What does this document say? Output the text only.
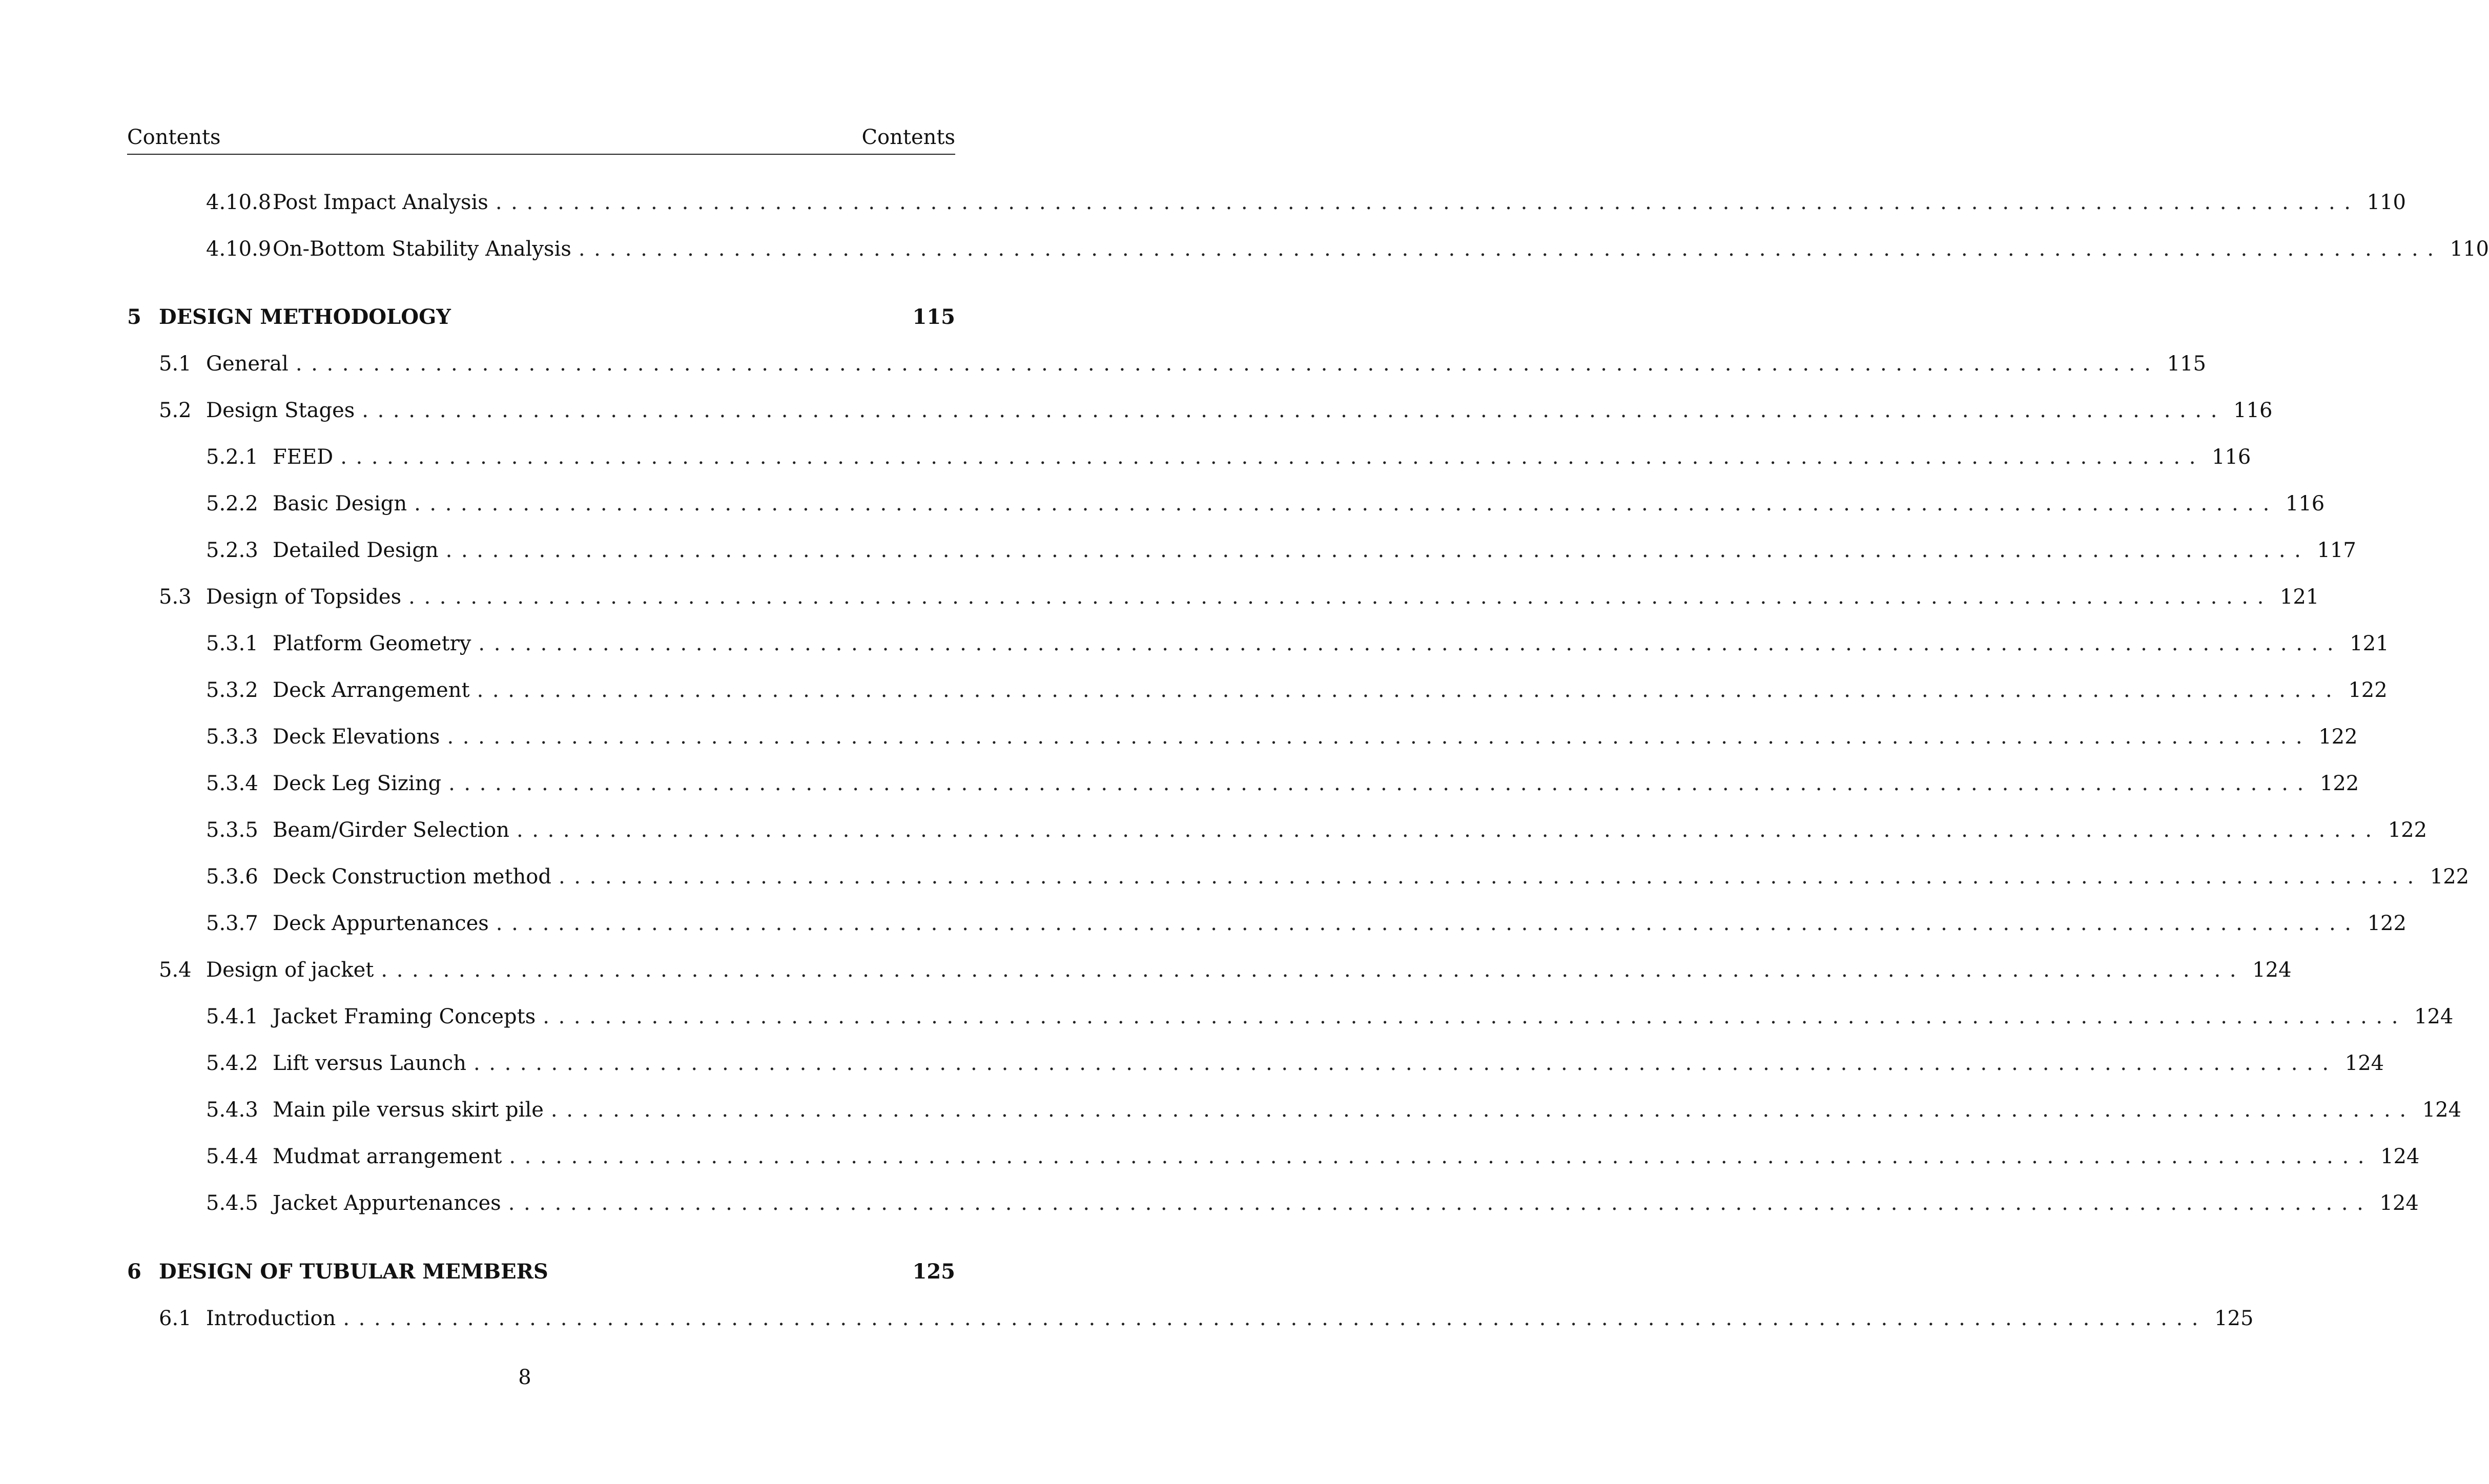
Contents	Contents
4.10.8 Post Impact Analysis ........................................................................................................................ 110
4.10.9 On-Bottom Stability Analysis ........................................................................................................................ 110
5 DESIGN METHODOLOGY	115
5.1 General ........................................................................................................................ 115
5.2 Design Stages ........................................................................................................................ 116
5.2.1 FEED ........................................................................................................................ 116
5.2.2 Basic Design ........................................................................................................................ 116
5.2.3 Detailed Design ........................................................................................................................ 117
5.3 Design of Topsides ........................................................................................................................ 121
5.3.1 Platform Geometry ........................................................................................................................ 121
5.3.2 Deck Arrangement ........................................................................................................................ 122
5.3.3 Deck Elevations ........................................................................................................................ 122
5.3.4 Deck Leg Sizing ........................................................................................................................ 122
5.3.5 Beam/Girder Selection ........................................................................................................................ 122
5.3.6 Deck Construction method ........................................................................................................................ 122
5.3.7 Deck Appurtenances ........................................................................................................................ 122
5.4 Design of jacket ........................................................................................................................ 124
5.4.1 Jacket Framing Concepts ........................................................................................................................ 124
5.4.2 Lift versus Launch ........................................................................................................................ 124
5.4.3 Main pile versus skirt pile ........................................................................................................................ 124
5.4.4 Mudmat arrangement ........................................................................................................................ 124
5.4.5 Jacket Appurtenances ........................................................................................................................ 124
6 DESIGN OF TUBULAR MEMBERS	125
6.1 Introduction ........................................................................................................................ 125
8
